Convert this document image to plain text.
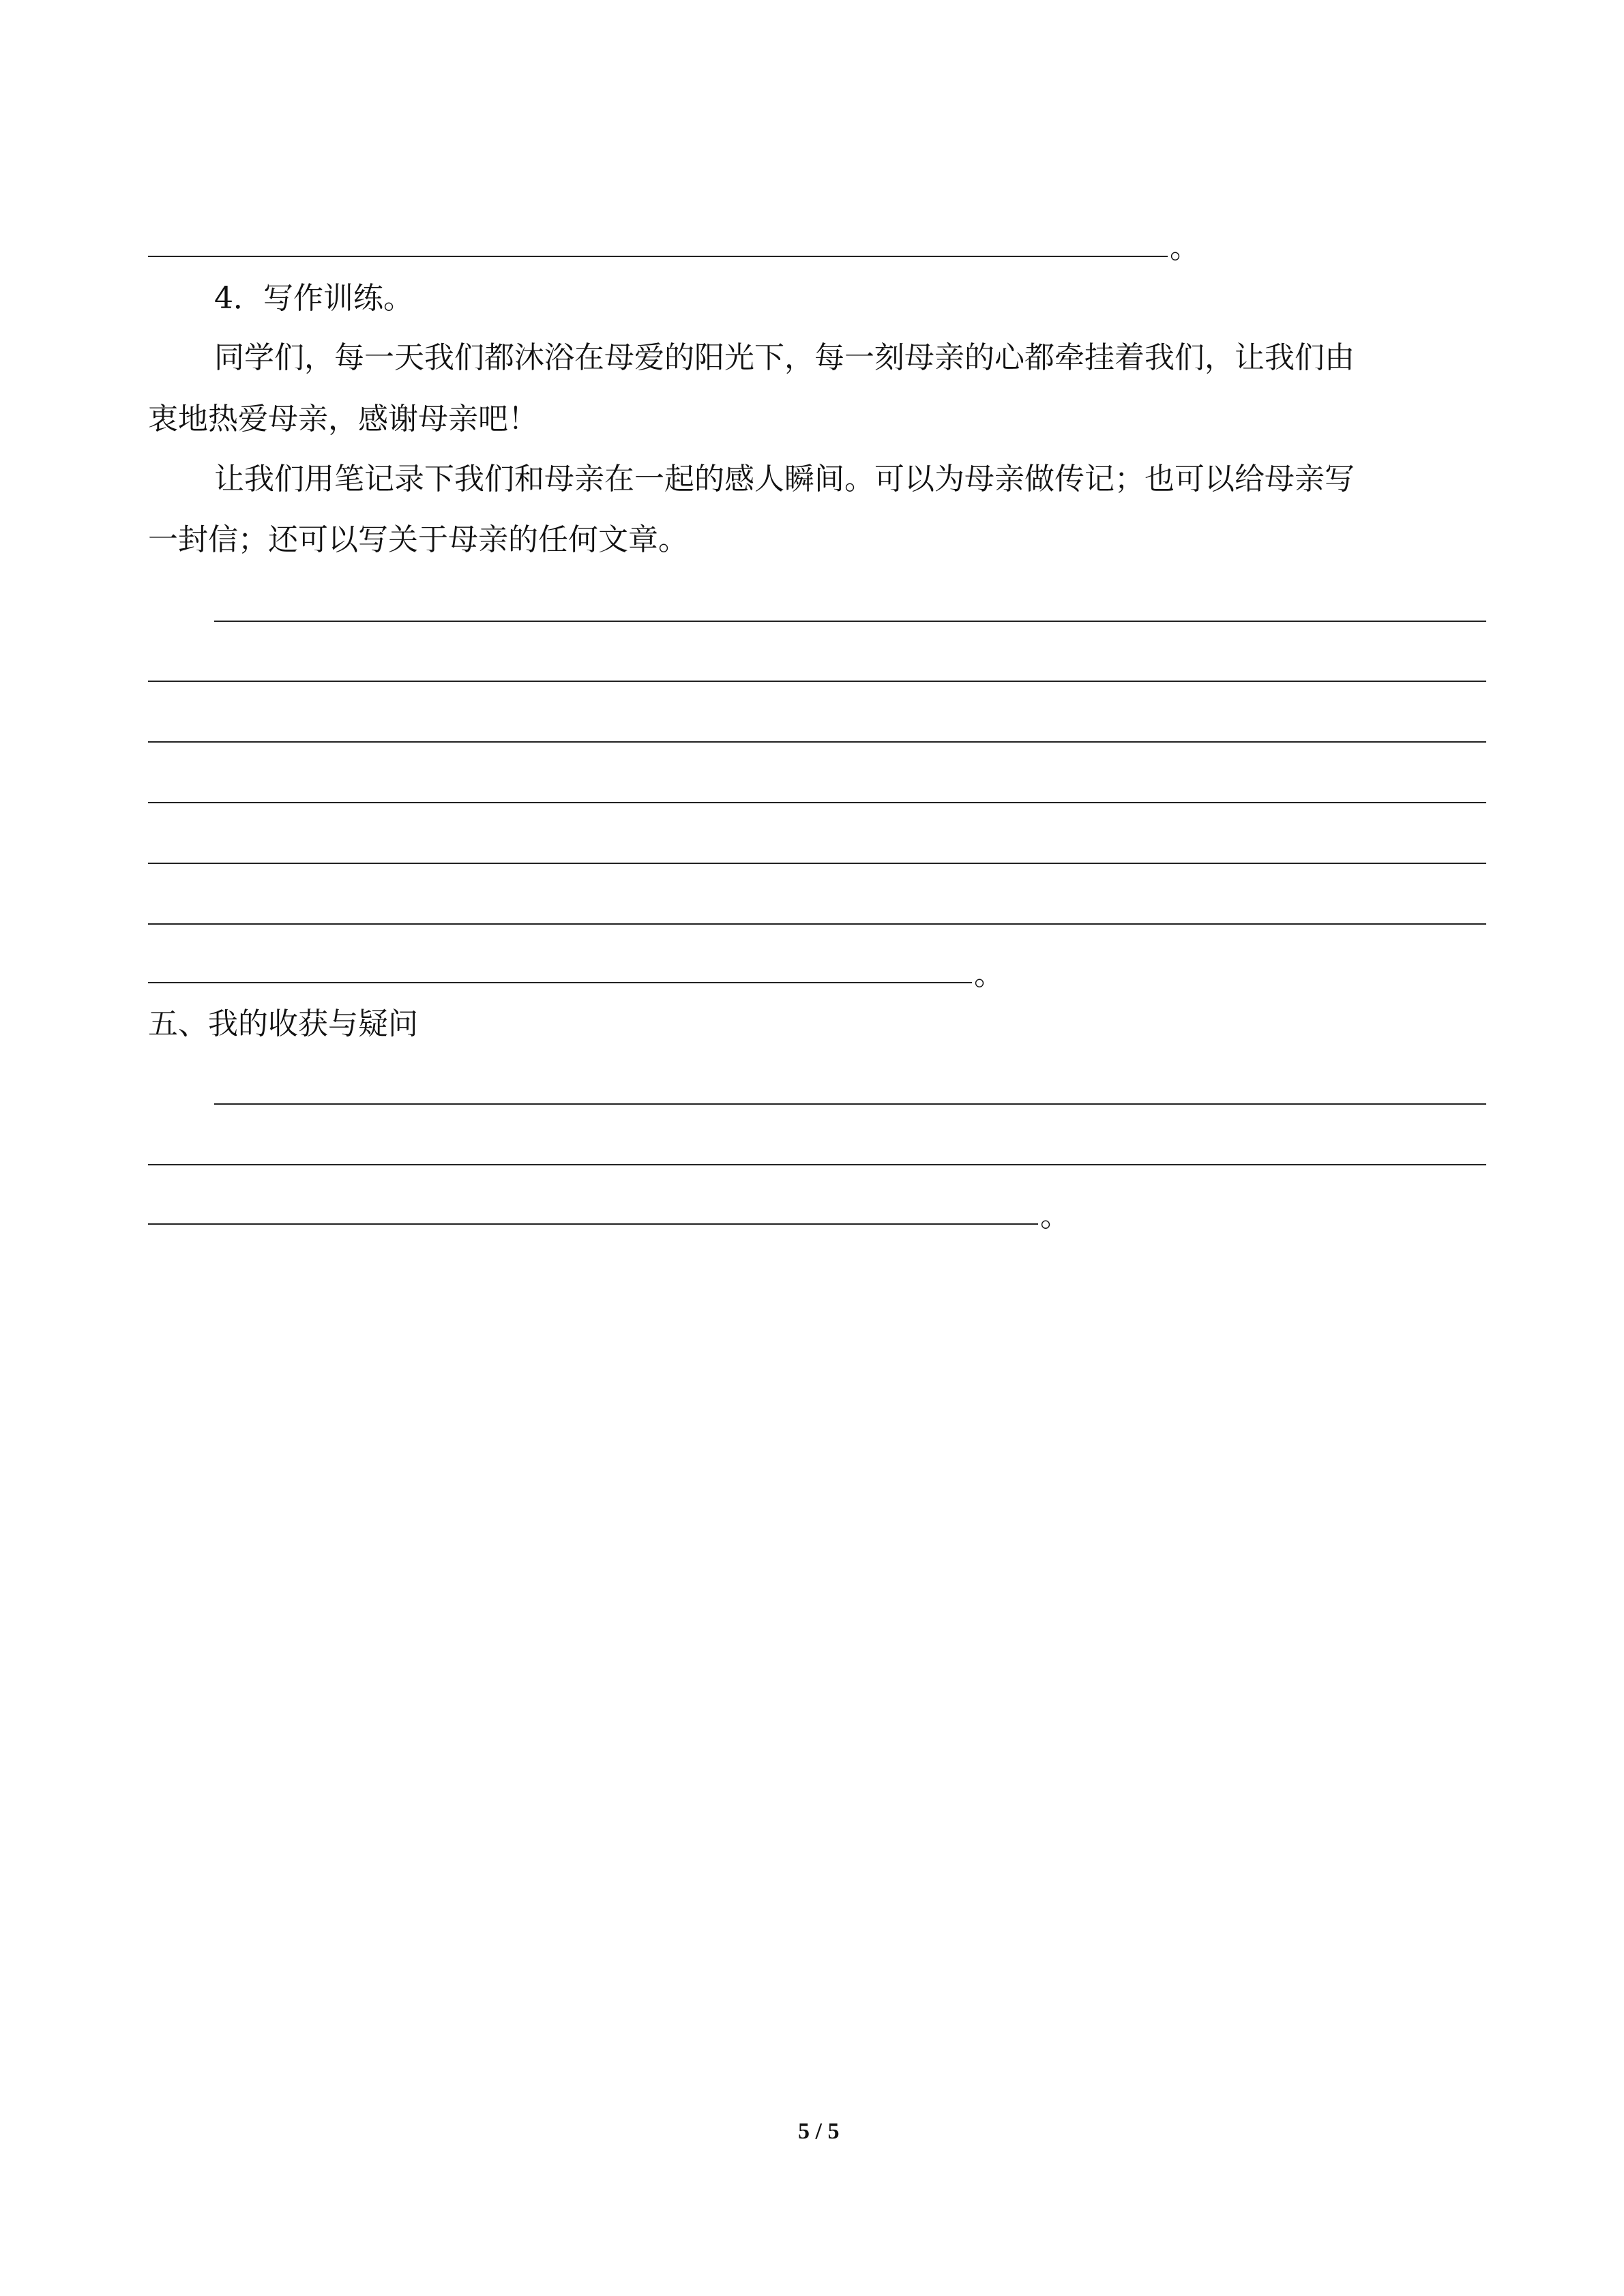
。
4．写作训练。
同学们，每一天我们都沐浴在母爱的阳光下，每一刻母亲的心都牵挂着我们，让我们由
衷地热爱母亲，感谢母亲吧！
让我们用笔记录下我们和母亲在一起的感人瞬间。可以为母亲做传记；也可以给母亲写
一封信；还可以写关于母亲的任何文章。
。
五、我的收获与疑问
。
5 / 5
